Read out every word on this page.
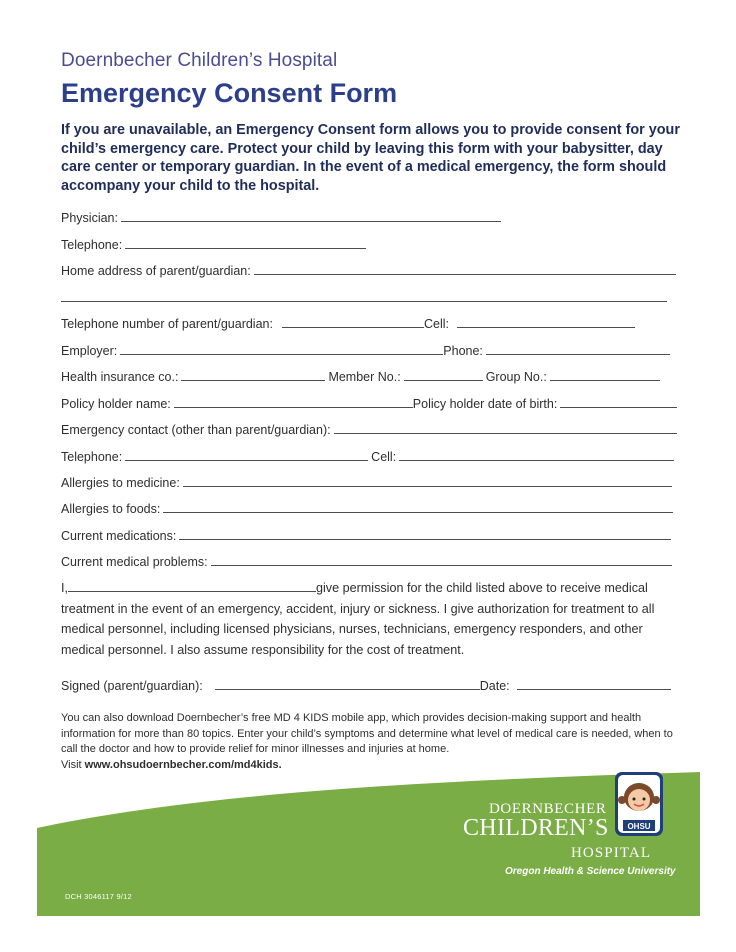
Doernbecher Children’s Hospital
Emergency Consent Form
If you are unavailable, an Emergency Consent form allows you to provide consent for your child’s emergency care. Protect your child by leaving this form with your babysitter, day care center or temporary guardian. In the event of a medical emergency, the form should accompany your child to the hospital.
Physician:
Telephone:
Home address of parent/guardian:
Telephone number of parent/guardian:	Cell:
Employer:	Phone:
Health insurance co.:	Member No.:	Group No.:
Policy holder name:	Policy holder date of birth:
Emergency contact (other than parent/guardian):
Telephone:	Cell:
Allergies to medicine:
Allergies to foods:
Current medications:
Current medical problems:
I,	give permission for the child listed above to receive medical treatment in the event of an emergency, accident, injury or sickness. I give authorization for treatment to all medical personnel, including licensed physicians, nurses, technicians, emergency responders, and other medical personnel. I also assume responsibility for the cost of treatment.
Signed (parent/guardian):	Date:
You can also download Doernbecher’s free MD 4 KIDS mobile app, which provides decision-making support and health information for more than 80 topics. Enter your child’s symptoms and determine what level of medical care is needed, when to call the doctor and how to provide relief for minor illnesses and injuries at home.
Visit www.ohsudoernbecher.com/md4kids.
OHSU
DOERNBECHER
CHILDREN’S
HOSPITAL
Oregon Health & Science University
DCH 3046117 9/12
